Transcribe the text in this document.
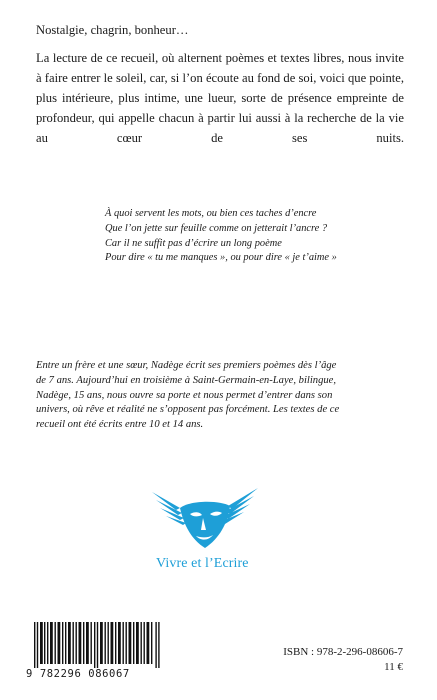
Nostalgie, chagrin, bonheur…

La lecture de ce recueil, où alternent poèmes et textes libres, nous invite à faire entrer le soleil, car, si l’on écoute au fond de soi, voici que pointe, plus intérieure, plus intime, une lueur, sorte de présence empreinte de profondeur, qui appelle chacun à partir lui aussi à la recherche de la vie au cœur de ses nuits.

À quoi servent les mots, ou bien ces taches d’encre
Que l’on jette sur feuille comme on jetterait l’ancre ?
Car il ne suffit pas d’écrire un long poème
Pour dire « tu me manques », ou pour dire « je t’aime »
Entre un frère et une sœur, Nadège écrit ses premiers poèmes dès l’âge
de 7 ans. Aujourd’hui en troisième à Saint-Germain-en-Laye, bilingue,
Nadège, 15 ans, nous ouvre sa porte et nous permet d’entrer dans son
univers, où rêve et réalité ne s’opposent pas forcément. Les textes de ce
recueil ont été écrits entre 10 et 14 ans.
Vivre et l’Ecrire
9 782296 086067
ISBN : 978-2-296-08606-7
11 €
